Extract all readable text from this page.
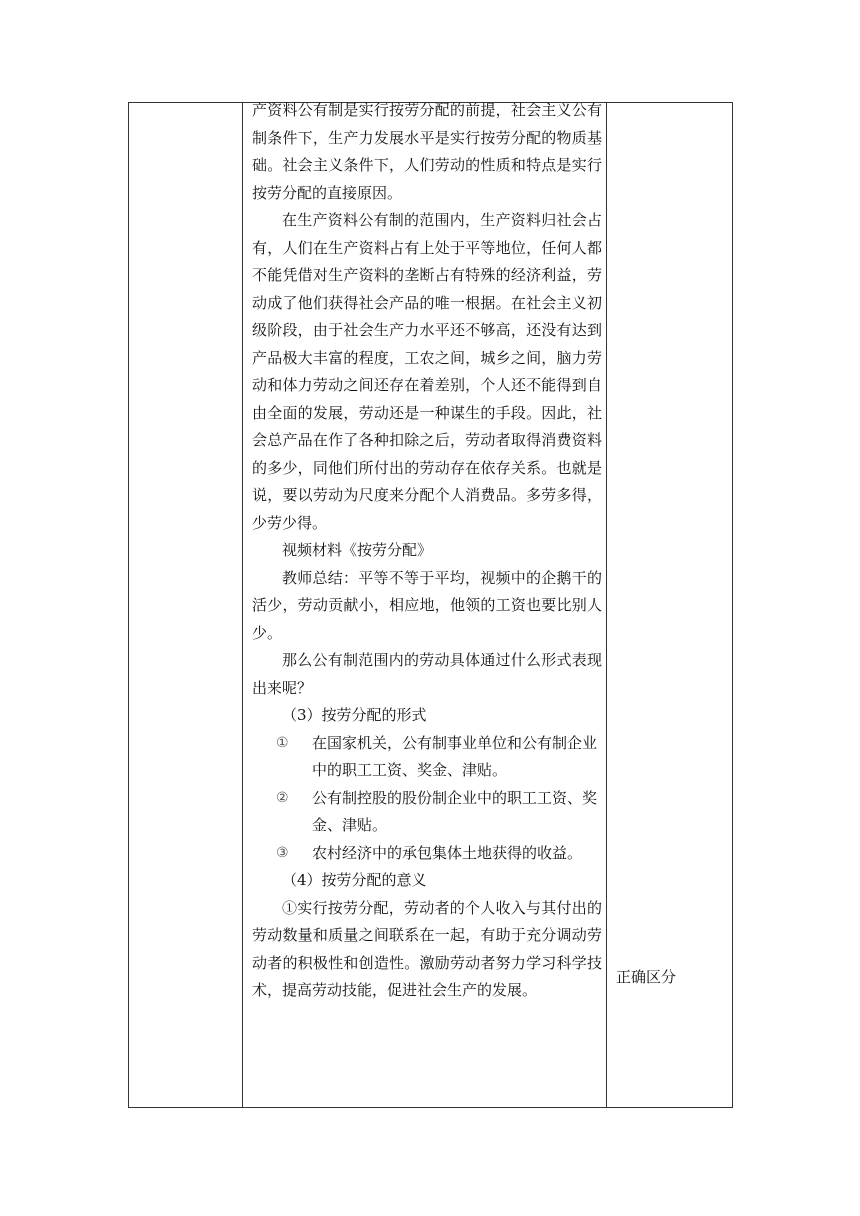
产资料公有制是实行按劳分配的前提，社会主义公有制条件下，生产力发展水平是实行按劳分配的物质基础。社会主义条件下，人们劳动的性质和特点是实行按劳分配的直接原因。

在生产资料公有制的范围内，生产资料归社会占有，人们在生产资料占有上处于平等地位，任何人都不能凭借对生产资料的垄断占有特殊的经济利益，劳动成了他们获得社会产品的唯一根据。在社会主义初级阶段，由于社会生产力水平还不够高，还没有达到产品极大丰富的程度，工农之间，城乡之间，脑力劳动和体力劳动之间还存在着差别，个人还不能得到自由全面的发展，劳动还是一种谋生的手段。因此，社会总产品在作了各种扣除之后，劳动者取得消费资料的多少，同他们所付出的劳动存在依存关系。也就是说，要以劳动为尺度来分配个人消费品。多劳多得，少劳少得。

视频材料《按劳分配》

教师总结：平等不等于平均，视频中的企鹅干的活少，劳动贡献小，相应地，他领的工资也要比别人少。

那么公有制范围内的劳动具体通过什么形式表现出来呢？

（3）按劳分配的形式

①	在国家机关，公有制事业单位和公有制企业中的职工工资、奖金、津贴。
②	公有制控股的股份制企业中的职工工资、奖金、津贴。
③	农村经济中的承包集体土地获得的收益。

（4）按劳分配的意义

①实行按劳分配，劳动者的个人收入与其付出的劳动数量和质量之间联系在一起，有助于充分调动劳动者的积极性和创造性。激励劳动者努力学习科学技术，提高劳动技能，促进社会生产的发展。

正确区分
